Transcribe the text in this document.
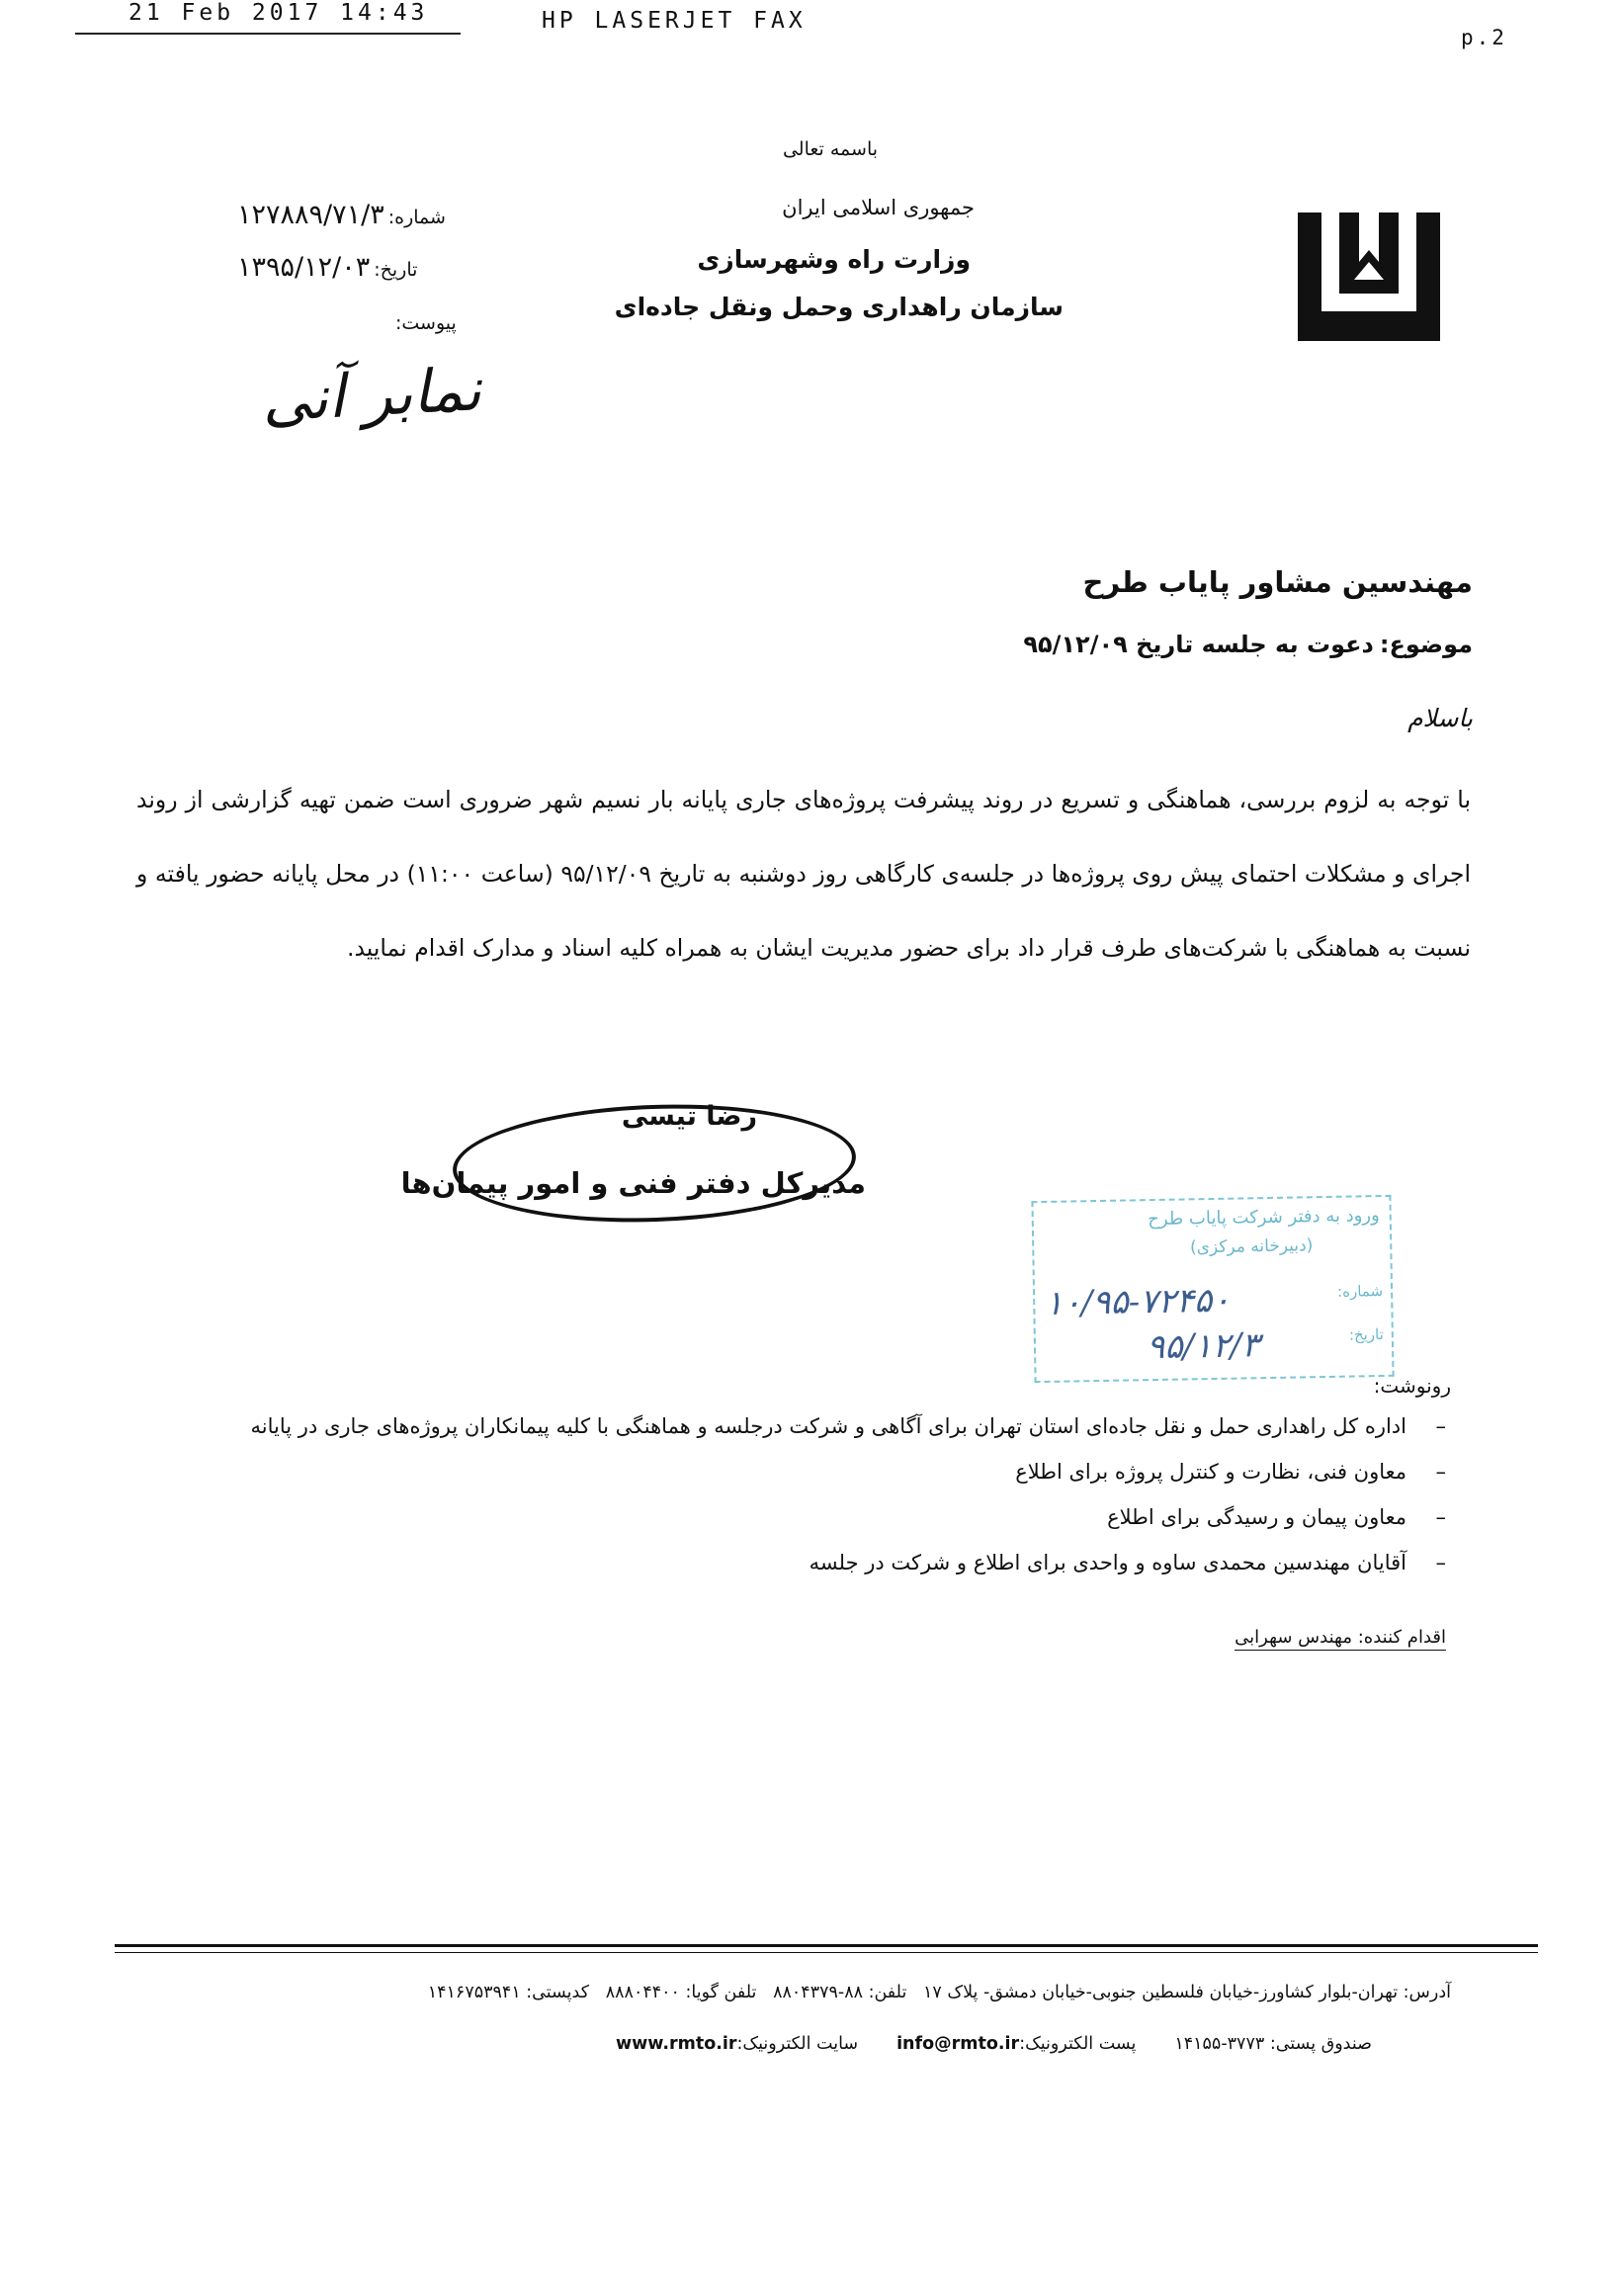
21 Feb 2017 14:43	HP LASERJET FAX
p.2
باسمه تعالی
جمهوری اسلامی ایران
وزارت راه وشهرسازی
سازمان راهداری وحمل ونقل جاده‌ای
شماره:۱۲۷۸۸۹/۷۱/۳
تاریخ:۱۳۹۵/۱۲/۰۳
پیوست:
نمابر آنی
مهندسین مشاور پایاب طرح
موضوع:دعوت به جلسه تاریخ ۹۵/۱۲/۰۹
باسلام
با توجه به لزوم بررسی، هماهنگی و تسریع در روند پیشرفت پروژه‌های جاری پایانه بار نسیم شهر ضروری است ضمن تهیه گزارشی از روند اجرای و مشکلات احتمای پیش روی پروژه‌ها در جلسه‌ی کارگاهی روز دوشنبه به تاریخ ۹۵/۱۲/۰۹ (ساعت ۱۱:۰۰) در محل پایانه حضور یافته و نسبت به هماهنگی با شرکت‌های طرف قرار داد برای حضور مدیریت ایشان به همراه کلیه اسناد و مدارک اقدام نمایید.
رضا تیسی
مدیرکل دفتر فنی و امور پیمان‌ها
ورود به دفتر شرکت پایاب طرح
(دبیرخانه مرکزی)
شماره:
۱۰/۹۵-۷۲۴۵۰
تاریخ:
۹۵/۱۲/۳
رونوشت:
– اداره کل راهداری حمل و نقل جاده‌ای استان تهران برای آگاهی و شرکت درجلسه و هماهنگی با کلیه پیمانکاران پروژه‌های جاری در پایانه
– معاون فنی، نظارت و کنترل پروژه برای اطلاع
– معاون پیمان و رسیدگی برای اطلاع
– آقایان مهندسین محمدی ساوه و واحدی برای اطلاع و شرکت در جلسه
اقدام کننده: مهندس سهرابی
آدرس: تهران-بلوار کشاورز-خیابان فلسطین جنوبی-خیابان دمشق- پلاک ۱۷   تلفن: ۸۸-۸۸۰۴۳۷۹   تلفن گویا: ۸۸۸۰۴۴۰۰   کدپستی: ۱۴۱۶۷۵۳۹۴۱
صندوق پستی: ۳۷۷۳-۱۴۱۵۵       پست الکترونیک:info@rmto.ir       سایت الکترونیک:www.rmto.ir
